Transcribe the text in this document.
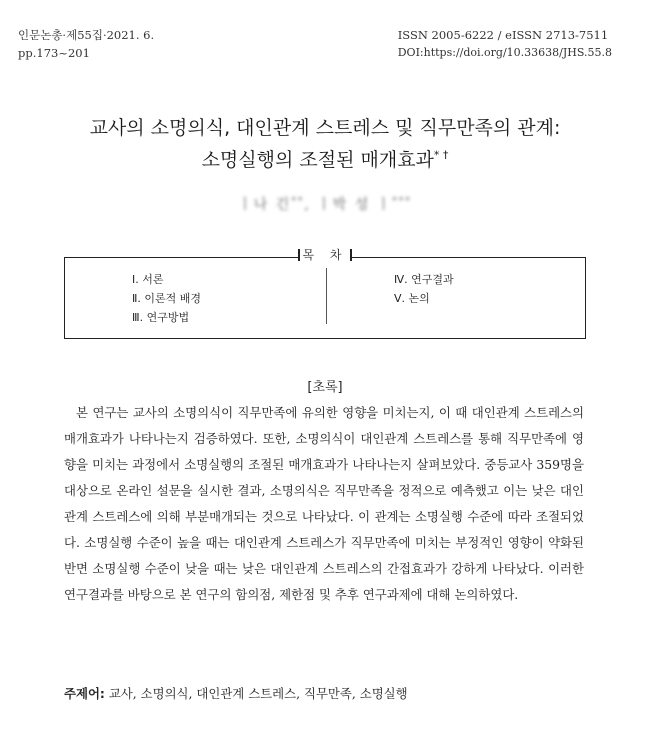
인문논총·제55집·2021. 6.
pp.173~201
ISSN 2005-6222 / eISSN 2713-7511
DOI:https://doi.org/10.33638/JHS.55.8
교사의 소명의식, 대인관계 스트레스 및 직무만족의 관계:
소명실행의 조절된 매개효과* †
ㅣ나 긴**, ㅣ박 성 ㅣ***
목 차
Ⅰ. 서론
Ⅱ. 이론적 배경
Ⅲ. 연구방법
Ⅳ. 연구결과
Ⅴ. 논의
[초록]

본 연구는 교사의 소명의식이 직무만족에 유의한 영향을 미치는지, 이 때 대인관계 스트레스의 매개효과가 나타나는지 검증하였다. 또한, 소명의식이 대인관계 스트레스를 통해 직무만족에 영향을 미치는 과정에서 소명실행의 조절된 매개효과가 나타나는지 살펴보았다. 중등교사 359명을 대상으로 온라인 설문을 실시한 결과, 소명의식은 직무만족을 정적으로 예측했고 이는 낮은 대인관계 스트레스에 의해 부분매개되는 것으로 나타났다. 이 관계는 소명실행 수준에 따라 조절되었다. 소명실행 수준이 높을 때는 대인관계 스트레스가 직무만족에 미치는 부정적인 영향이 약화된 반면 소명실행 수준이 낮을 때는 낮은 대인관계 스트레스의 간접효과가 강하게 나타났다. 이러한 연구결과를 바탕으로 본 연구의 함의점, 제한점 및 추후 연구과제에 대해 논의하였다.

주제어: 교사, 소명의식, 대인관계 스트레스, 직무만족, 소명실행
